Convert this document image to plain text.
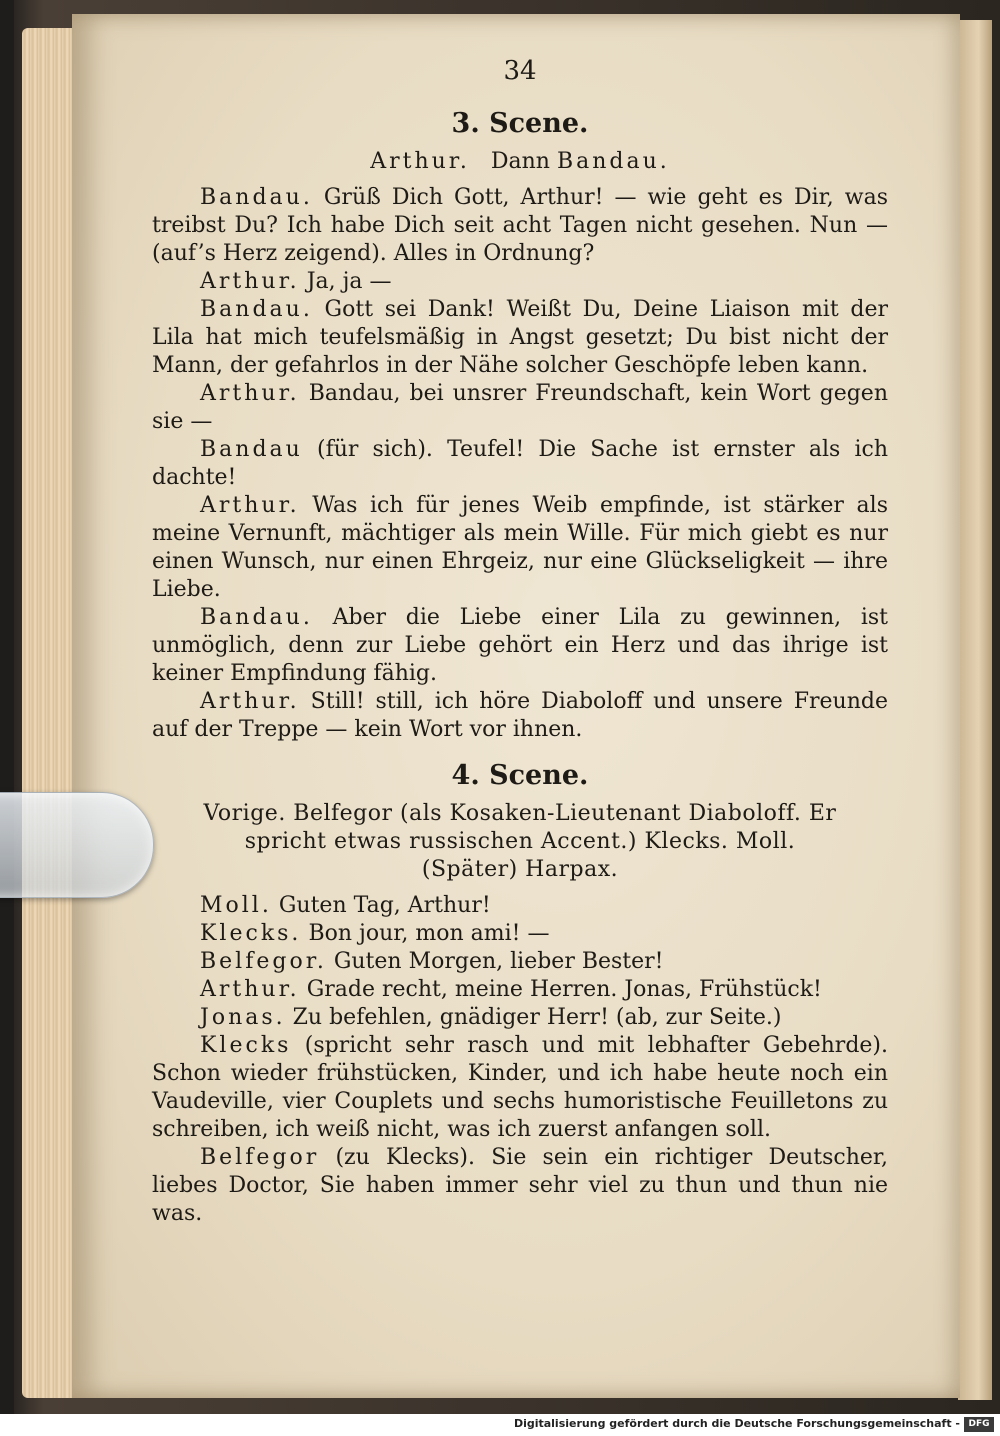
34
3. Scene.
Arthur. Dann Bandau.

Bandau. Grüß Dich Gott, Arthur! — wie geht es Dir, was treibst Du? Ich habe Dich seit acht Tagen nicht gesehen. Nun — (auf’s Herz zeigend). Alles in Ordnung?

Arthur. Ja, ja —

Bandau. Gott sei Dank! Weißt Du, Deine Liaison mit der Lila hat mich teufelsmäßig in Angst gesetzt; Du bist nicht der Mann, der gefahrlos in der Nähe solcher Geschöpfe leben kann.

Arthur. Bandau, bei unsrer Freundschaft, kein Wort gegen sie —

Bandau (für sich). Teufel! Die Sache ist ernster als ich dachte!

Arthur. Was ich für jenes Weib empfinde, ist stärker als meine Vernunft, mächtiger als mein Wille. Für mich giebt es nur einen Wunsch, nur einen Ehrgeiz, nur eine Glückseligkeit — ihre Liebe.

Bandau. Aber die Liebe einer Lila zu gewinnen, ist unmöglich, denn zur Liebe gehört ein Herz und das ihrige ist keiner Empfindung fähig.

Arthur. Still! still, ich höre Diaboloff und unsere Freunde auf der Treppe — kein Wort vor ihnen.

4. Scene.
Vorige. Belfegor (als Kosaken-Lieutenant Diaboloff. Er
spricht etwas russischen Accent.) Klecks. Moll.
(Später) Harpax.

Moll. Guten Tag, Arthur!

Klecks. Bon jour, mon ami! —

Belfegor. Guten Morgen, lieber Bester!

Arthur. Grade recht, meine Herren. Jonas, Frühstück!

Jonas. Zu befehlen, gnädiger Herr! (ab, zur Seite.)

Klecks (spricht sehr rasch und mit lebhafter Gebehrde). Schon wieder frühstücken, Kinder, und ich habe heute noch ein Vaudeville, vier Couplets und sechs humoristische Feuilletons zu schreiben, ich weiß nicht, was ich zuerst anfangen soll.

Belfegor (zu Klecks). Sie sein ein richtiger Deutscher, liebes Doctor, Sie haben immer sehr viel zu thun und thun nie was.

Digitalisierung gefördert durch die Deutsche Forschungsgemeinschaft - DFG
